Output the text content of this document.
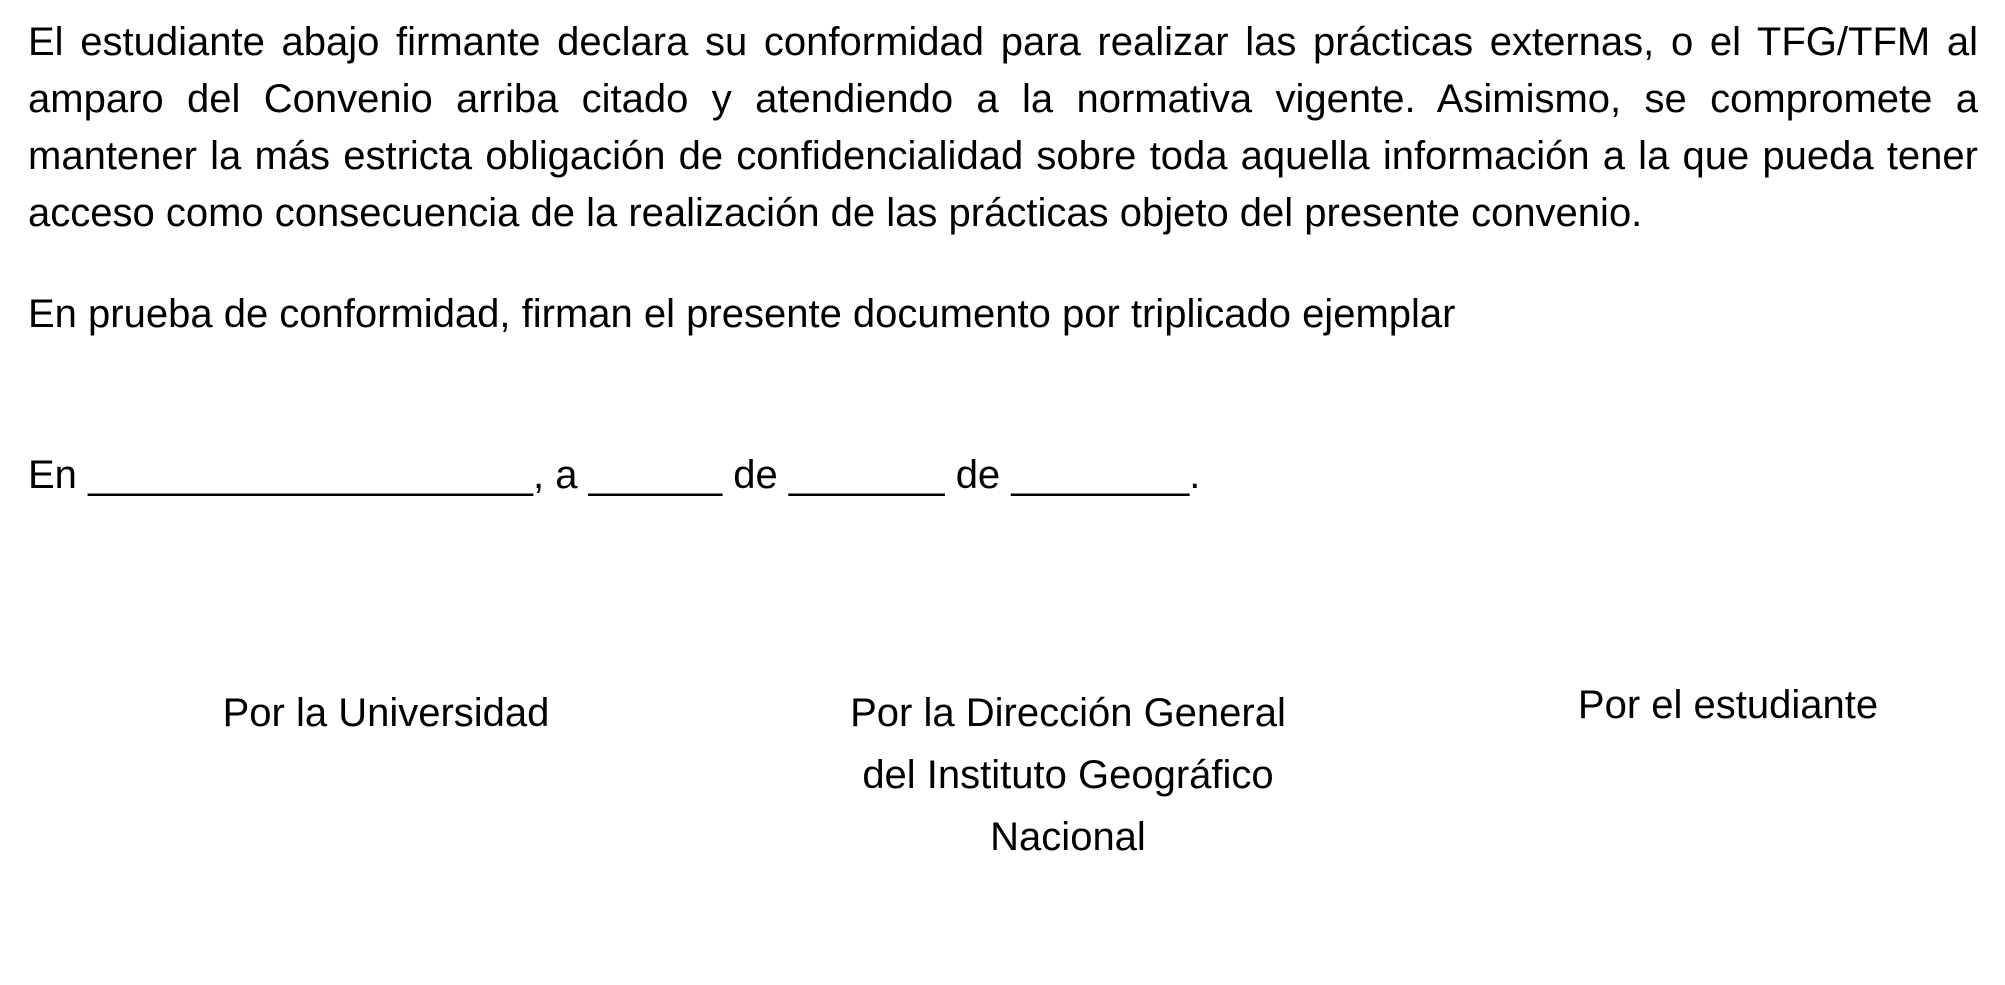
El estudiante abajo firmante declara su conformidad para realizar las prácticas externas, o el TFG/TFM al amparo del Convenio arriba citado y atendiendo a la normativa vigente. Asimismo, se compromete a mantener la más estricta obligación de confidencialidad sobre toda aquella información a la que pueda tener acceso como consecuencia de la realización de las prácticas objeto del presente convenio.

En prueba de conformidad, firman el presente documento por triplicado ejemplar

En ____________________, a ______ de _______ de ________.

Por la Universidad	Por la Dirección General
del Instituto Geográfico
Nacional
Por el estudiante
